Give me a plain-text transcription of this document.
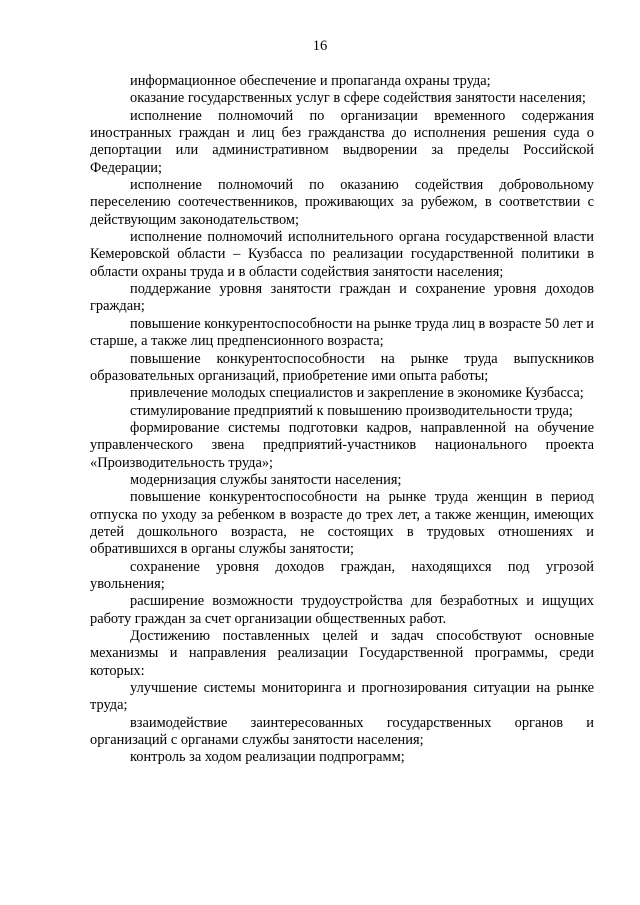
16

информационное обеспечение и пропаганда охраны труда;

оказание государственных услуг в сфере содействия занятости населения;

исполнение полномочий по организации временного содержания иностранных граждан и лиц без гражданства до исполнения решения суда о депортации или административном выдворении за пределы Российской Федерации;

исполнение полномочий по оказанию содействия добровольному переселению соотечественников, проживающих за рубежом, в соответствии с действующим законодательством;

исполнение полномочий исполнительного органа государственной власти Кемеровской области – Кузбасса по реализации государственной политики в области охраны труда и в области содействия занятости населения;

поддержание уровня занятости граждан и сохранение уровня доходов граждан;

повышение конкурентоспособности на рынке труда лиц в возрасте 50 лет и старше, а также лиц предпенсионного возраста;

повышение конкурентоспособности на рынке труда выпускников образовательных организаций, приобретение ими опыта работы;

привлечение молодых специалистов и закрепление в экономике Кузбасса;

стимулирование предприятий к повышению производительности труда;

формирование системы подготовки кадров, направленной на обучение управленческого звена предприятий-участников национального проекта «Производительность труда»;

модернизация службы занятости населения;

повышение конкурентоспособности на рынке труда женщин в период отпуска по уходу за ребенком в возрасте до трех лет, а также женщин, имеющих детей дошкольного возраста, не состоящих в трудовых отношениях и обратившихся в органы службы занятости;

сохранение уровня доходов граждан, находящихся под угрозой увольнения;

расширение возможности трудоустройства для безработных и ищущих работу граждан за счет организации общественных работ.

Достижению поставленных целей и задач способствуют основные механизмы и направления реализации Государственной программы, среди которых:

улучшение системы мониторинга и прогнозирования ситуации на рынке труда;

взаимодействие заинтересованных государственных органов и организаций с органами службы занятости населения;

контроль за ходом реализации подпрограмм;
